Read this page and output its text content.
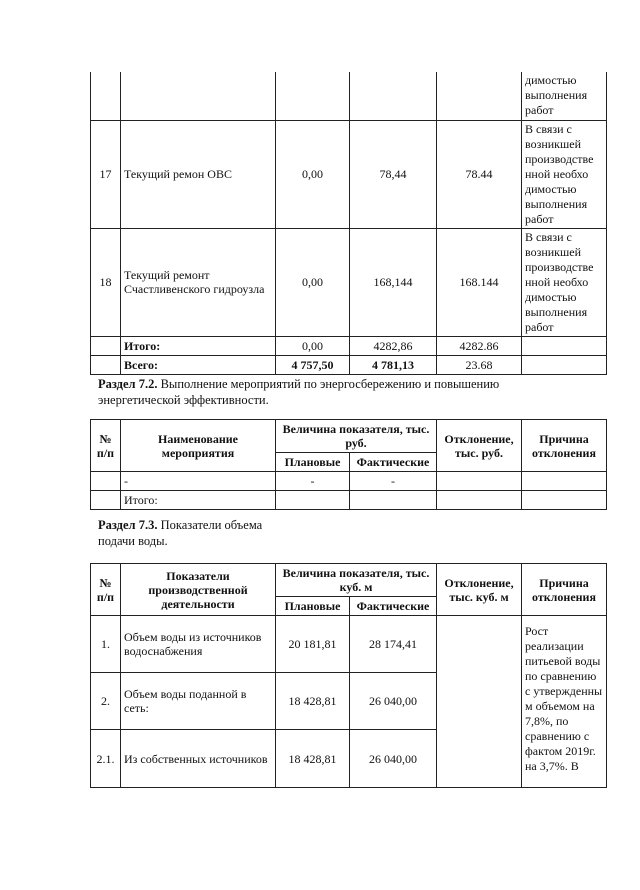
					димостью выполнения работ
17	Текущий ремон ОВС	0,00	78,44	78.44	В связи с возникшей производстве нной необхо димостью выполнения работ
18	Текущий ремонт Счастливенского гидроузла	0,00	168,144	168.144	В связи с возникшей производстве нной необхо димостью выполнения работ
	Итого:	0,00	4282,86	4282.86	
	Всего:	4 757,50	4 781,13	23.68	
Раздел 7.2. Выполнение мероприятий по энергосбережению и повышению энергетической эффективности.
№ п/п	Наименование мероприятия	Величина показателя, тыс. руб.		Отклонение, тыс. руб.	Причина отклонения
		Плановые	Фактические		
	-	-	-		
	Итого:				
Раздел 7.3. Показатели объема подачи воды.
№ п/п	Показатели производственной деятельности	Величина показателя, тыс. куб. м		Отклонение, тыс. куб. м	Причина отклонения
		Плановые	Фактические		
1.	Объем воды из источников водоснабжения	20 181,81	28 174,41		Рост реализации питьевой воды по сравнению с утвержденны м объемом на 7,8%, по сравнению с фактом 2019г. на 3,7%. В
2.	Объем воды поданной в сеть:	18 428,81	26 040,00		
2.1.	Из собственных источников	18 428,81	26 040,00		
